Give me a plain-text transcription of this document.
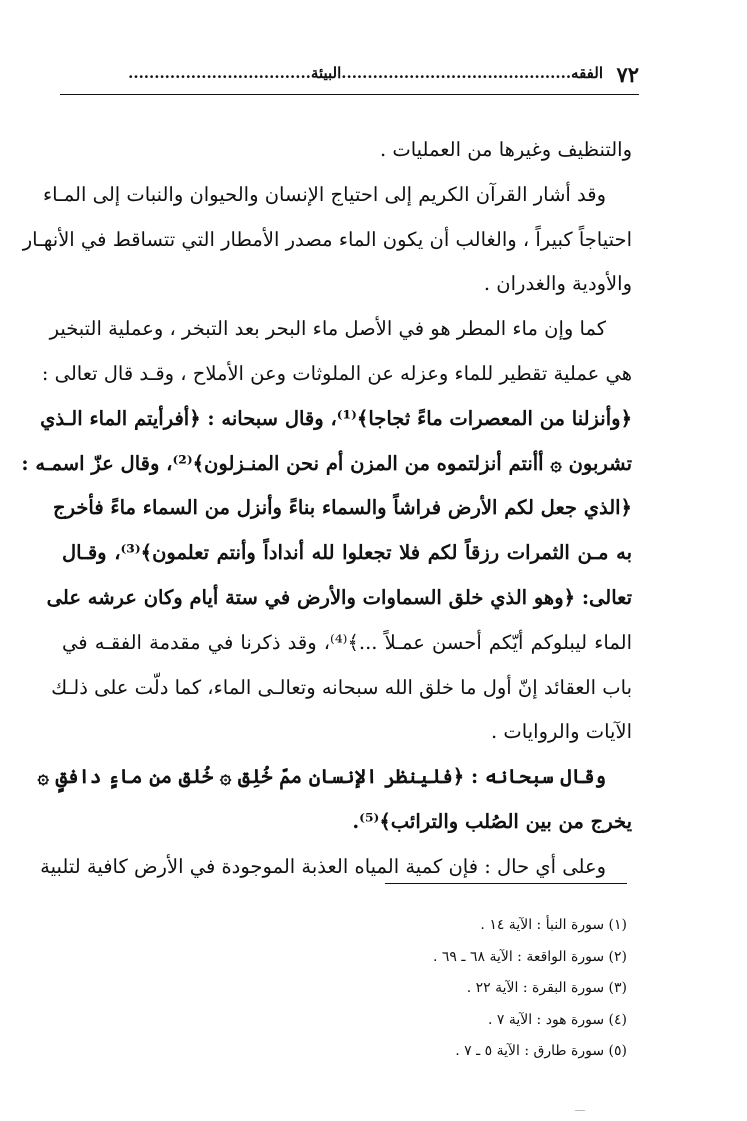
٧٢
الفقه............................................البيئة...................................
والتنظيف وغيرها من العمليات .
وقد أشار القرآن الكريم إلى احتياج الإنسان والحيوان والنبات إلى المـاء
احتياجاً كبيراً ، والغالب أن يكون الماء مصدر الأمطار التي تتساقط في الأنهـار
والأودية والغدران .
كما وإن ماء المطر هو في الأصل ماء البحر بعد التبخر ، وعملية التبخير
هي عملية تقطير للماء وعزله عن الملوثات وعن الأملاح ، وقـد قال تعالى :
﴿وأنزلنا من المعصرات ماءً ثجاجا﴾⁽¹⁾، وقال سبحانه : ﴿أفرأيتم الماء الـذي
تشربون ۞ أأنتم أنزلتموه من المزن أم نحن المنـزلون﴾⁽²⁾، وقال عزّ اسمـه :
﴿الذي جعل لكم الأرض فراشاً والسماء بناءً وأنزل من السماء ماءً فأخرج
به مـن الثمرات رزقاً لكم فلا تجعلوا لله أنداداً وأنتم تعلمون﴾⁽³⁾، وقـال
تعالى: ﴿وهو الذي خلق السماوات والأرض في ستة أيام وكان عرشه على
الماء ليبلوكم أيّكم أحسن عمـلاً ...﴾⁽⁴⁾، وقد ذكرنا في مقدمة الفقـه في
باب العقائد إنّ أول ما خلق الله سبحانه وتعالـى الماء، كما دلّت على ذلـك
الآيات والروايات .
وقال سبحانه : ﴿فلينظر الإنسان ممّ خُلِق ۞ خُلق من ماءٍ دافقٍ ۞
يخرج من بين الصُلب والترائب﴾⁽⁵⁾.
وعلى أي حال : فإن كمية المياه العذبة الموجودة في الأرض كافية لتلبية
(١) سورة النبأ : الآية ١٤ .
(٢) سورة الواقعة : الآية ٦٨ ـ ٦٩ .
(٣) سورة البقرة : الآية ٢٢ .
(٤) سورة هود : الآية ٧ .
(٥) سورة طارق : الآية ٥ ـ ٧ .
